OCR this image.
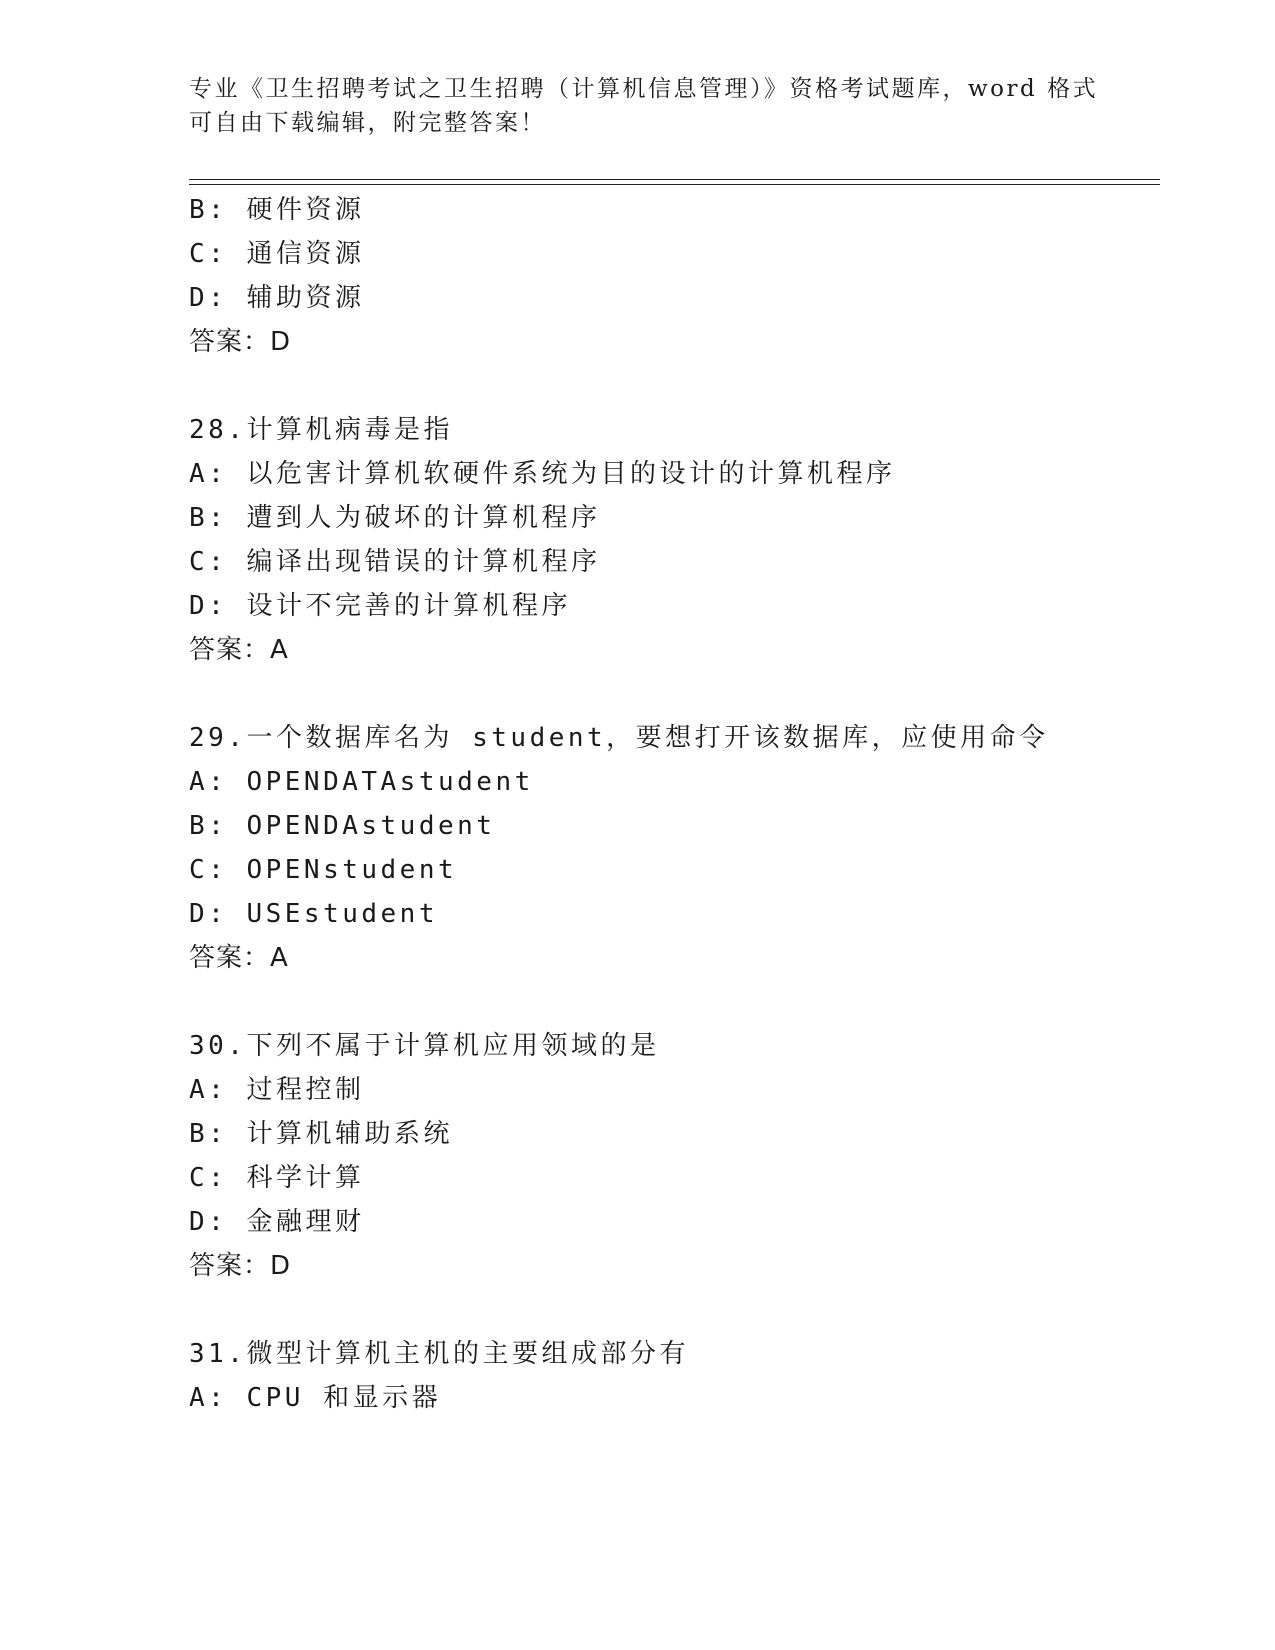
专业《卫生招聘考试之卫生招聘（计算机信息管理）》资格考试题库，word 格式
可自由下载编辑，附完整答案！
B: 硬件资源
C: 通信资源
D: 辅助资源
答案：D
28.计算机病毒是指
A: 以危害计算机软硬件系统为目的设计的计算机程序
B: 遭到人为破坏的计算机程序
C: 编译出现错误的计算机程序
D: 设计不完善的计算机程序
答案：A
29.一个数据库名为 student，要想打开该数据库，应使用命令
A: OPENDATAstudent
B: OPENDAstudent
C: OPENstudent
D: USEstudent
答案：A
30.下列不属于计算机应用领域的是
A: 过程控制
B: 计算机辅助系统
C: 科学计算
D: 金融理财
答案：D
31.微型计算机主机的主要组成部分有
A: CPU 和显示器
